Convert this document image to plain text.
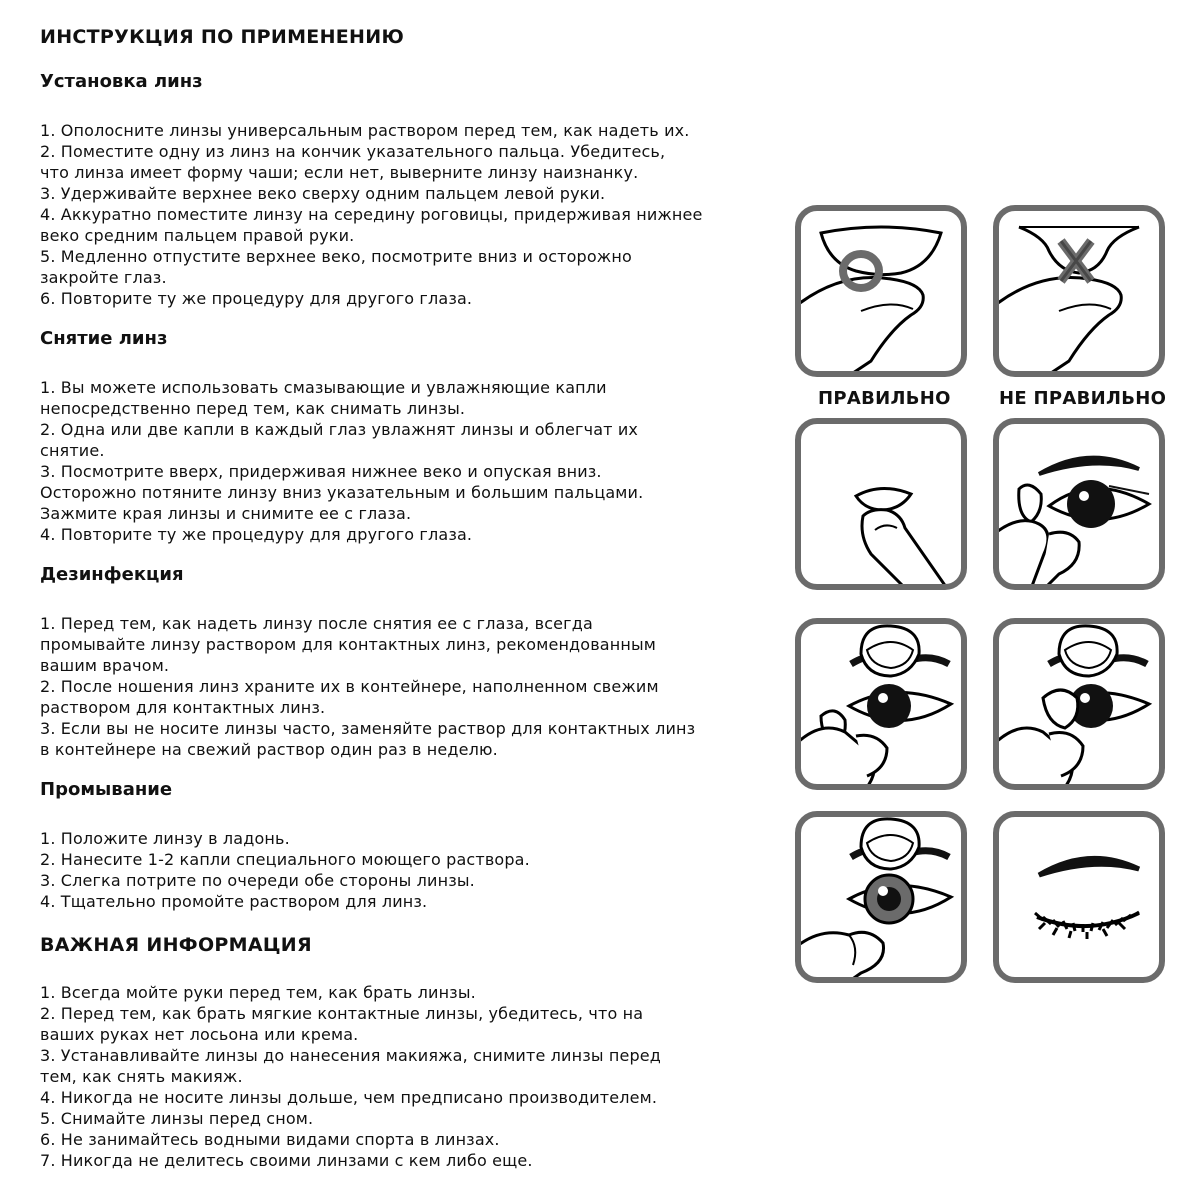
ИНСТРУКЦИЯ ПО ПРИМЕНЕНИЮ
Установка линз
1. Ополосните линзы универсальным раствором перед тем, как надеть их.
2. Поместите одну из линз на кончик указательного пальца. Убедитесь,
что линза имеет форму чаши; если нет, выверните линзу наизнанку.
3. Удерживайте верхнее веко сверху одним пальцем левой руки.
4. Аккуратно поместите линзу на середину роговицы, придерживая нижнее
веко средним пальцем правой руки.
5. Медленно отпустите верхнее веко, посмотрите вниз и осторожно
закройте глаз.
6. Повторите ту же процедуру для другого глаза.
Снятие линз
1. Вы можете использовать смазывающие и увлажняющие капли
непосредственно перед тем, как снимать линзы.
2. Одна или две капли в каждый глаз увлажнят линзы и облегчат их
снятие.
3. Посмотрите вверх, придерживая нижнее веко и опуская вниз.
Осторожно потяните линзу вниз указательным и большим пальцами.
Зажмите края линзы и снимите ее с глаза.
4. Повторите ту же процедуру для другого глаза.
Дезинфекция
1. Перед тем, как надеть линзу после снятия ее с глаза, всегда
промывайте линзу раствором для контактных линз, рекомендованным
вашим врачом.
2. После ношения линз храните их в контейнере, наполненном свежим
раствором для контактных линз.
3. Если вы не носите линзы часто, заменяйте раствор для контактных линз
в контейнере на свежий раствор один раз в неделю.
Промывание
1. Положите линзу в ладонь.
2. Нанесите 1-2 капли специального моющего раствора.
3. Слегка потрите по очереди обе стороны линзы.
4. Тщательно промойте раствором для линз.
ВАЖНАЯ ИНФОРМАЦИЯ
1. Всегда мойте руки перед тем, как брать линзы.
2. Перед тем, как брать мягкие контактные линзы, убедитесь, что на
ваших руках нет лосьона или крема.
3. Устанавливайте линзы до нанесения макияжа, снимите линзы перед
тем, как снять макияж.
4. Никогда не носите линзы дольше, чем предписано производителем.
5. Снимайте линзы перед сном.
6. Не занимайтесь водными видами спорта в линзах.
7. Никогда не делитесь своими линзами с кем либо еще.
ПРАВИЛЬНО	НЕ ПРАВИЛЬНО
